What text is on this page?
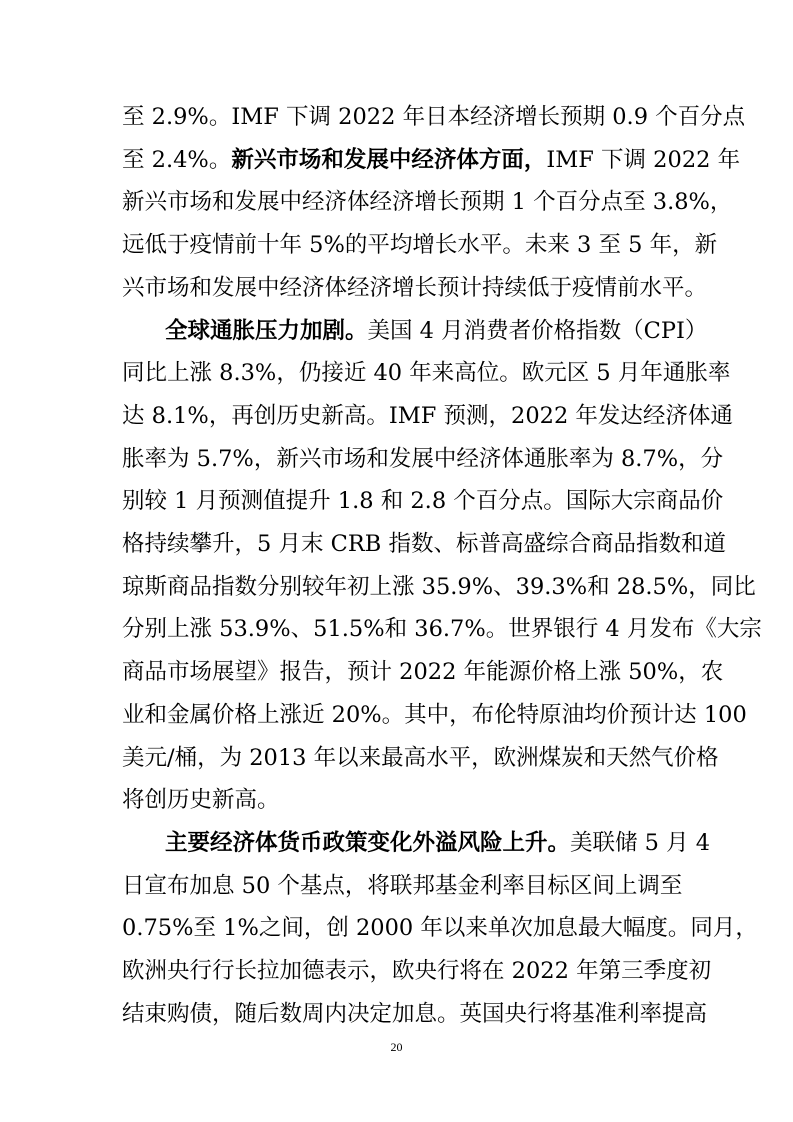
至 2.9%。IMF 下调 2022 年日本经济增长预期 0.9 个百分点
至 2.4%。新兴市场和发展中经济体方面，IMF 下调 2022 年
新兴市场和发展中经济体经济增长预期 1 个百分点至 3.8%，
远低于疫情前十年 5%的平均增长水平。未来 3 至 5 年，新
兴市场和发展中经济体经济增长预计持续低于疫情前水平。
全球通胀压力加剧。美国 4 月消费者价格指数（CPI）
同比上涨 8.3%，仍接近 40 年来高位。欧元区 5 月年通胀率
达 8.1%，再创历史新高。IMF 预测，2022 年发达经济体通
胀率为 5.7%，新兴市场和发展中经济体通胀率为 8.7%，分
别较 1 月预测值提升 1.8 和 2.8 个百分点。国际大宗商品价
格持续攀升，5 月末 CRB 指数、标普高盛综合商品指数和道
琼斯商品指数分别较年初上涨 35.9%、39.3%和 28.5%，同比
分别上涨 53.9%、51.5%和 36.7%。世界银行 4 月发布《大宗
商品市场展望》报告，预计 2022 年能源价格上涨 50%，农
业和金属价格上涨近 20%。其中，布伦特原油均价预计达 100
美元/桶，为 2013 年以来最高水平，欧洲煤炭和天然气价格
将创历史新高。
主要经济体货币政策变化外溢风险上升。美联储 5 月 4
日宣布加息 50 个基点，将联邦基金利率目标区间上调至
0.75%至 1%之间，创 2000 年以来单次加息最大幅度。同月，
欧洲央行行长拉加德表示，欧央行将在 2022 年第三季度初
结束购债，随后数周内决定加息。英国央行将基准利率提高
20
